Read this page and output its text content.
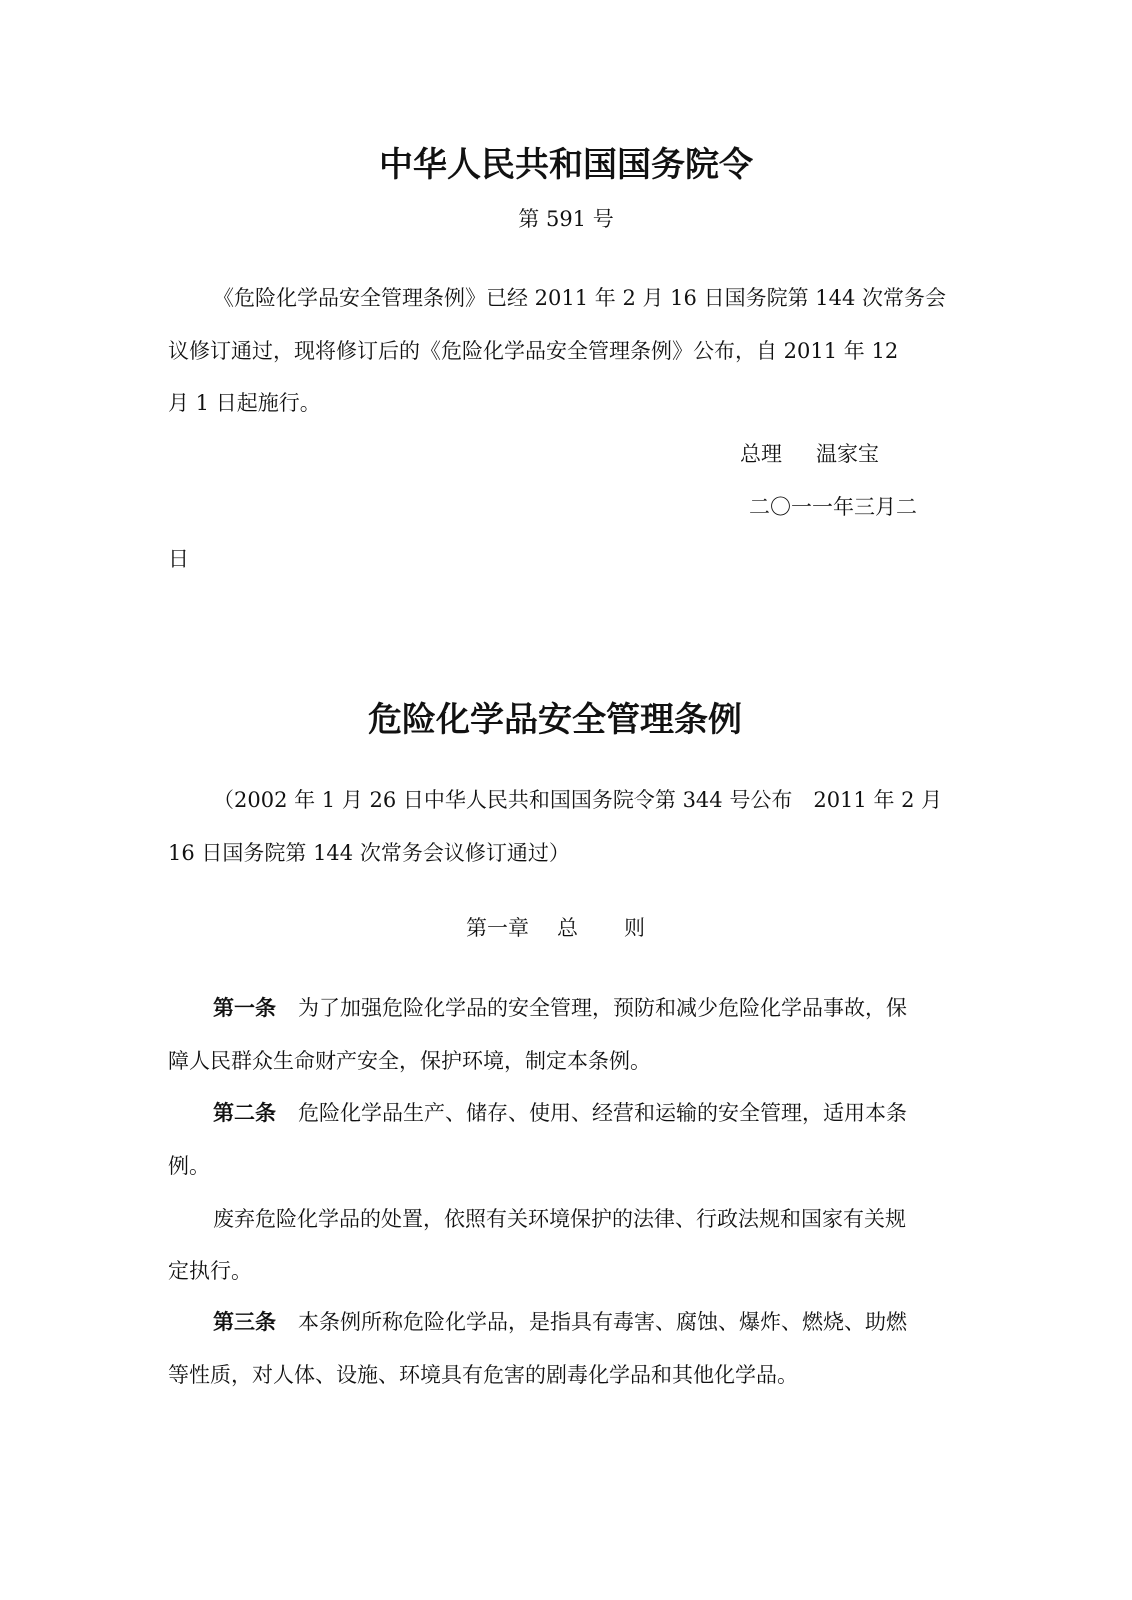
中华人民共和国国务院令
第 591 号
《危险化学品安全管理条例》已经 2011 年 2 月 16 日国务院第 144 次常务会
议修订通过，现将修订后的《危险化学品安全管理条例》公布，自 2011 年 12
月 1 日起施行。
总理 温家宝
二〇一一年三月二
日
危险化学品安全管理条例
（2002 年 1 月 26 日中华人民共和国国务院令第 344 号公布　2011 年 2 月
16 日国务院第 144 次常务会议修订通过）
第一章 总 则
第一条 为了加强危险化学品的安全管理，预防和减少危险化学品事故，保
障人民群众生命财产安全，保护环境，制定本条例。
第二条 危险化学品生产、储存、使用、经营和运输的安全管理，适用本条
例。
废弃危险化学品的处置，依照有关环境保护的法律、行政法规和国家有关规
定执行。
第三条 本条例所称危险化学品，是指具有毒害、腐蚀、爆炸、燃烧、助燃
等性质，对人体、设施、环境具有危害的剧毒化学品和其他化学品。
